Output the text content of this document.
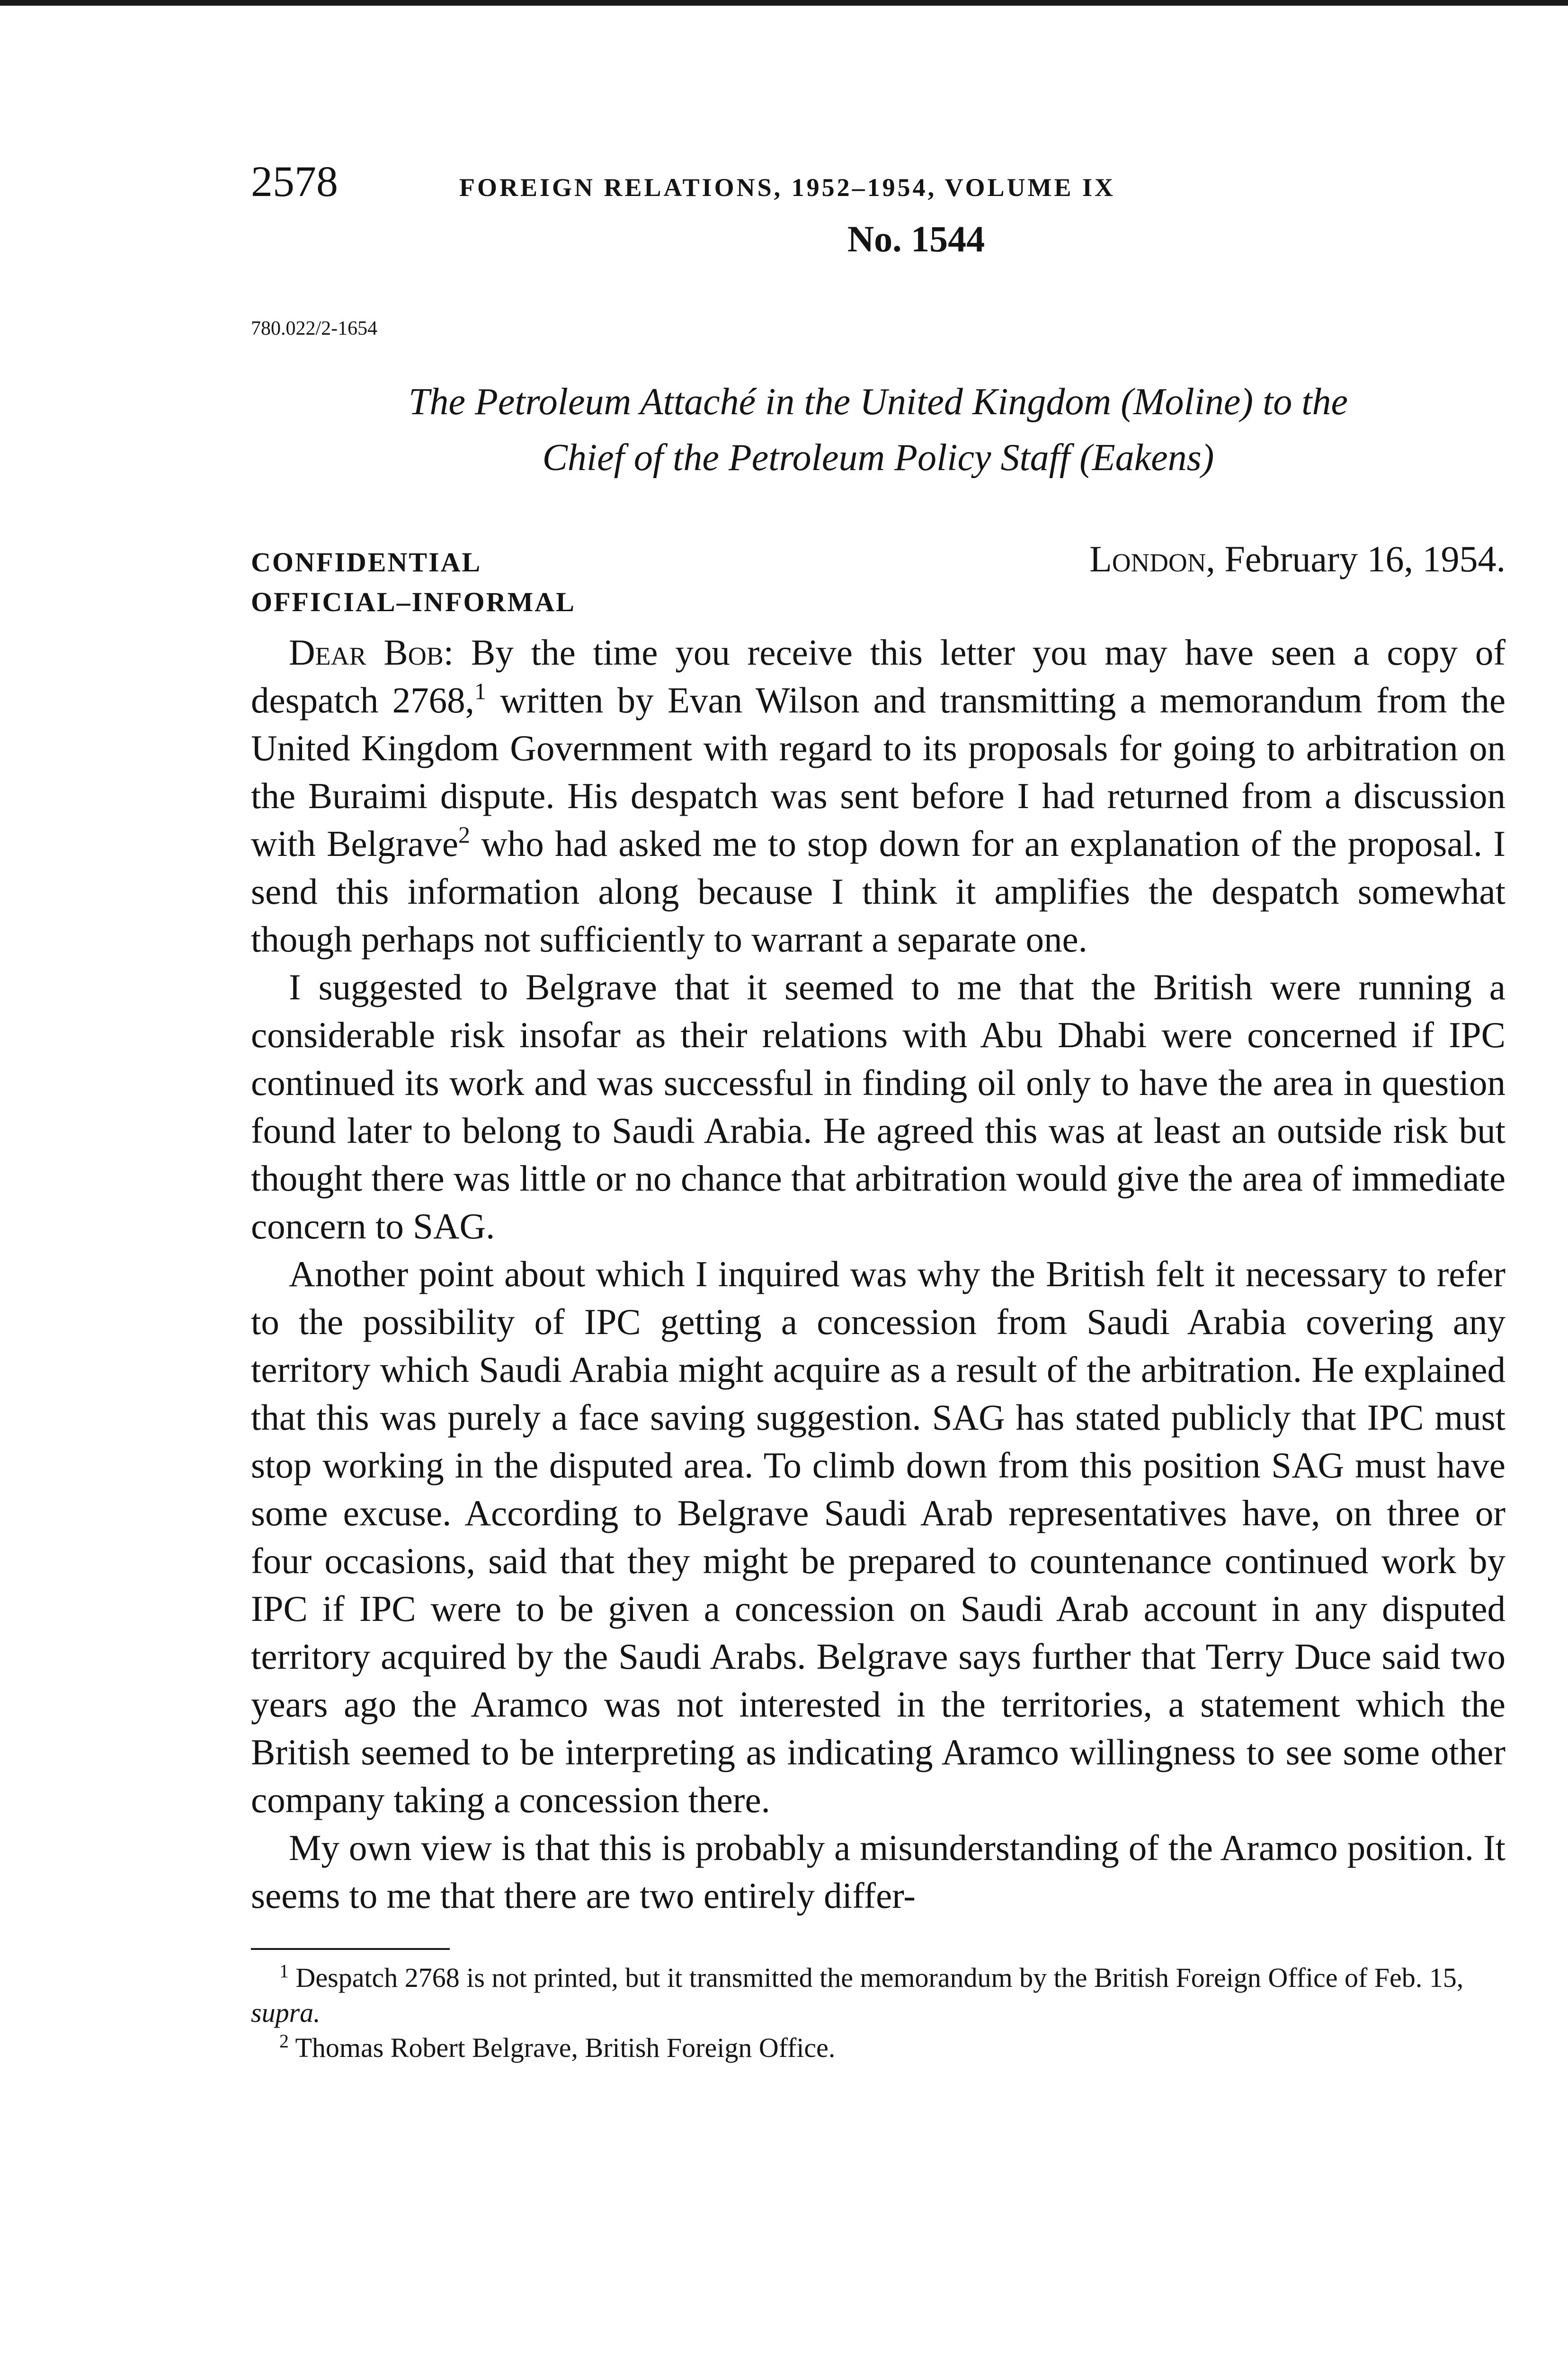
2578	FOREIGN RELATIONS, 1952–1954, VOLUME IX
No. 1544
780.022/2-1654
The Petroleum Attaché in the United Kingdom (Moline) to the
Chief of the Petroleum Policy Staff (Eakens)
CONFIDENTIAL
OFFICIAL–INFORMAL
London, February 16, 1954.

Dear Bob: By the time you receive this letter you may have seen a copy of despatch 2768,$^1$ written by Evan Wilson and transmitting a memorandum from the United Kingdom Government with regard to its proposals for going to arbitration on the Buraimi dispute. His despatch was sent before I had returned from a discussion with Belgrave$^2$ who had asked me to stop down for an explanation of the proposal. I send this information along because I think it amplifies the despatch somewhat though perhaps not sufficiently to warrant a separate one.

I suggested to Belgrave that it seemed to me that the British were running a considerable risk insofar as their relations with Abu Dhabi were concerned if IPC continued its work and was successful in finding oil only to have the area in question found later to belong to Saudi Arabia. He agreed this was at least an outside risk but thought there was little or no chance that arbitration would give the area of immediate concern to SAG.

Another point about which I inquired was why the British felt it necessary to refer to the possibility of IPC getting a concession from Saudi Arabia covering any territory which Saudi Arabia might acquire as a result of the arbitration. He explained that this was purely a face saving suggestion. SAG has stated publicly that IPC must stop working in the disputed area. To climb down from this position SAG must have some excuse. According to Belgrave Saudi Arab representatives have, on three or four occasions, said that they might be prepared to countenance continued work by IPC if IPC were to be given a concession on Saudi Arab account in any disputed territory acquired by the Saudi Arabs. Belgrave says further that Terry Duce said two years ago the Aramco was not interested in the territories, a statement which the British seemed to be interpreting as indicating Aramco willingness to see some other company taking a concession there.

My own view is that this is probably a misunderstanding of the Aramco position. It seems to me that there are two entirely differ-

$^1$ Despatch 2768 is not printed, but it transmitted the memorandum by the British Foreign Office of Feb. 15, supra.

$^2$ Thomas Robert Belgrave, British Foreign Office.
